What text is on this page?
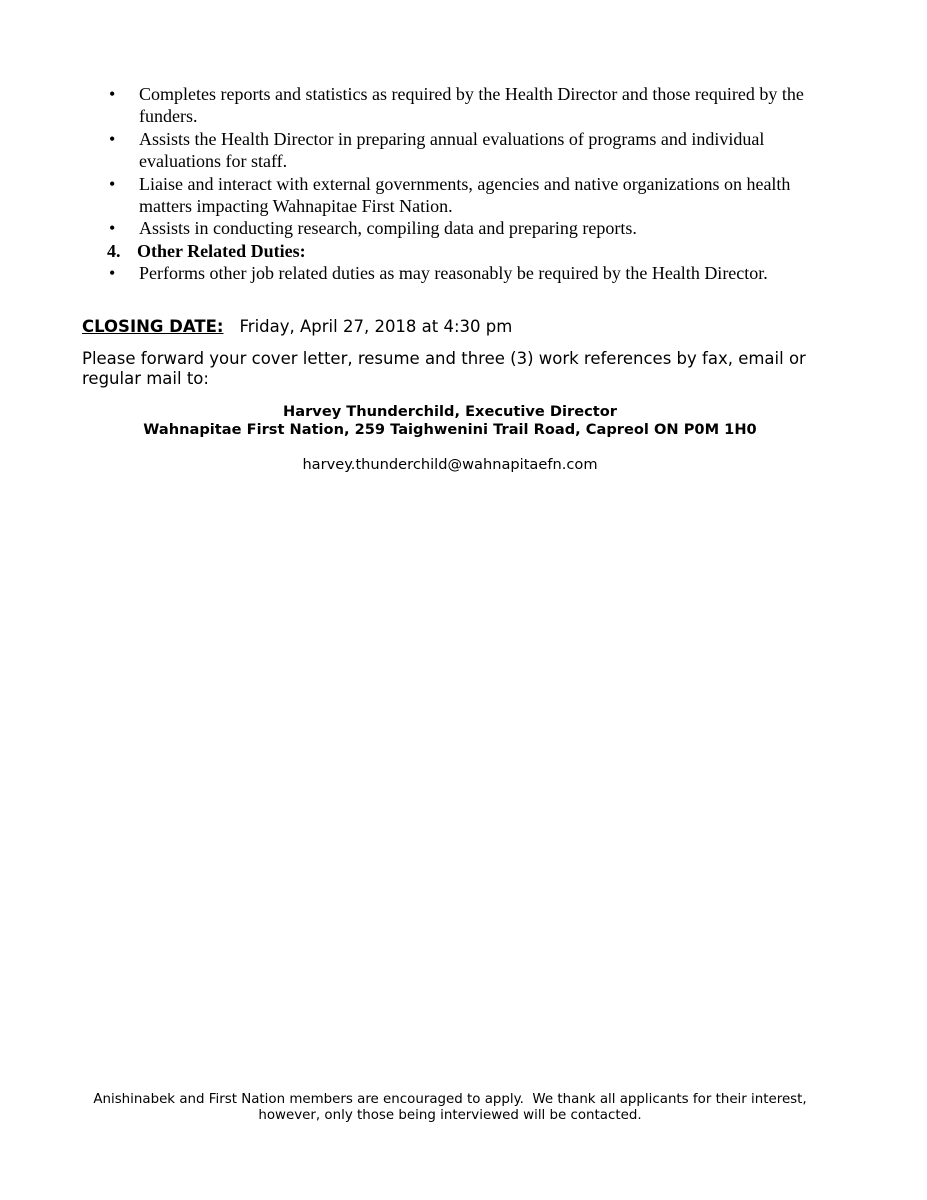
•	Completes reports and statistics as required by the Health Director and those required by the funders.
•	Assists the Health Director in preparing annual evaluations of programs and individual evaluations for staff.
•	Liaise and interact with external governments, agencies and native organizations on health matters impacting Wahnapitae First Nation.
•	Assists in conducting research, compiling data and preparing reports.
4. Other Related Duties:
•	Performs other job related duties as may reasonably be required by the Health Director.
CLOSING DATE: Friday, April 27, 2018 at 4:30 pm
Please forward your cover letter, resume and three (3) work references by fax, email or regular mail to:
Harvey Thunderchild, Executive Director
Wahnapitae First Nation, 259 Taighwenini Trail Road, Capreol ON P0M 1H0
harvey.thunderchild@wahnapitaefn.com
Anishinabek and First Nation members are encouraged to apply.  We thank all applicants for their interest,
however, only those being interviewed will be contacted.
